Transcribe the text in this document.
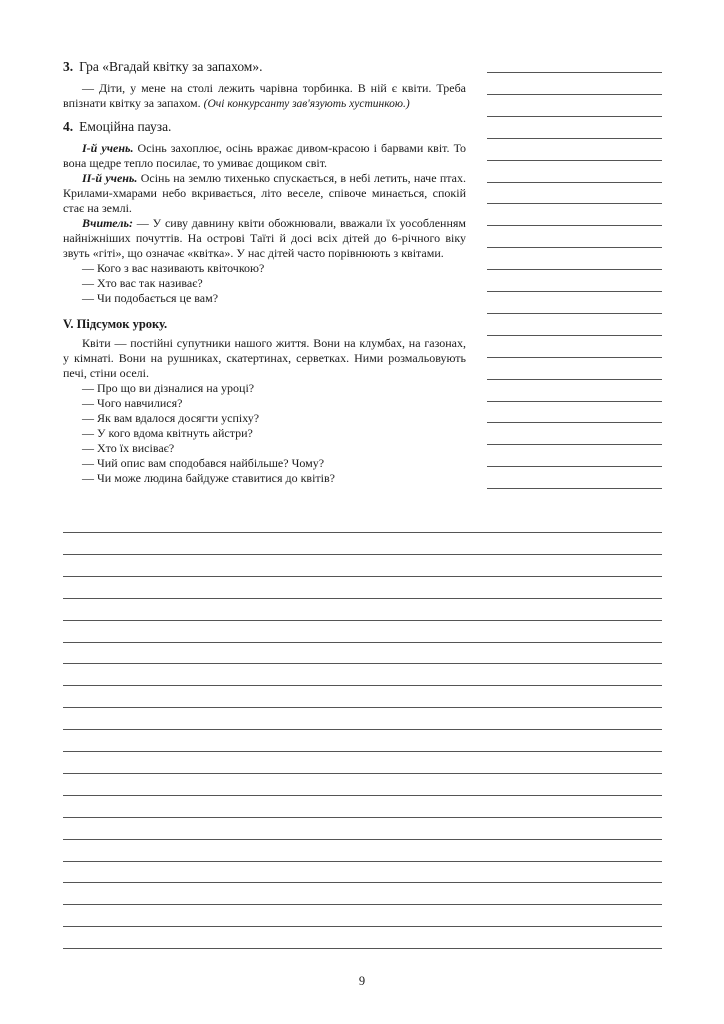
3. Гра «Вгадай квітку за запахом».

— Діти, у мене на столі лежить чарівна торбинка. В ній є квіти. Треба впізнати квітку за запахом. (Очі конкурсанту зав'язують хустинкою.)

4. Емоційна пауза.

І-й учень. Осінь захоплює, осінь вражає дивом-красою і барвами квіт. То вона щедре тепло посилає, то умиває дощиком світ.

ІІ-й учень. Осінь на землю тихенько спускається, в небі летить, наче птах. Крилами-хмарами небо вкривається, літо веселе, співоче минається, спокій стає на землі.

Вчитель: — У сиву давнину квіти обожнювали, вважали їх уособленням найніжніших почуттів. На острові Таїті й досі всіх дітей до 6-річного віку звуть «гіті», що означає «квітка». У нас дітей часто порівнюють з квітами.

— Кого з вас називають квіточкою?

— Хто вас так називає?

— Чи подобається це вам?

V. Підсумок уроку.

Квіти — постійні супутники нашого життя. Вони на клумбах, на газонах, у кімнаті. Вони на рушниках, скатертинах, серветках. Ними розмальовують печі, стіни оселі.

— Про що ви дізналися на уроці?

— Чого навчилися?

— Як вам вдалося досягти успіху?

— У кого вдома квітнуть айстри?

— Хто їх висіває?

— Чий опис вам сподобався найбільше? Чому?

— Чи може людина байдуже ставитися до квітів?

9
